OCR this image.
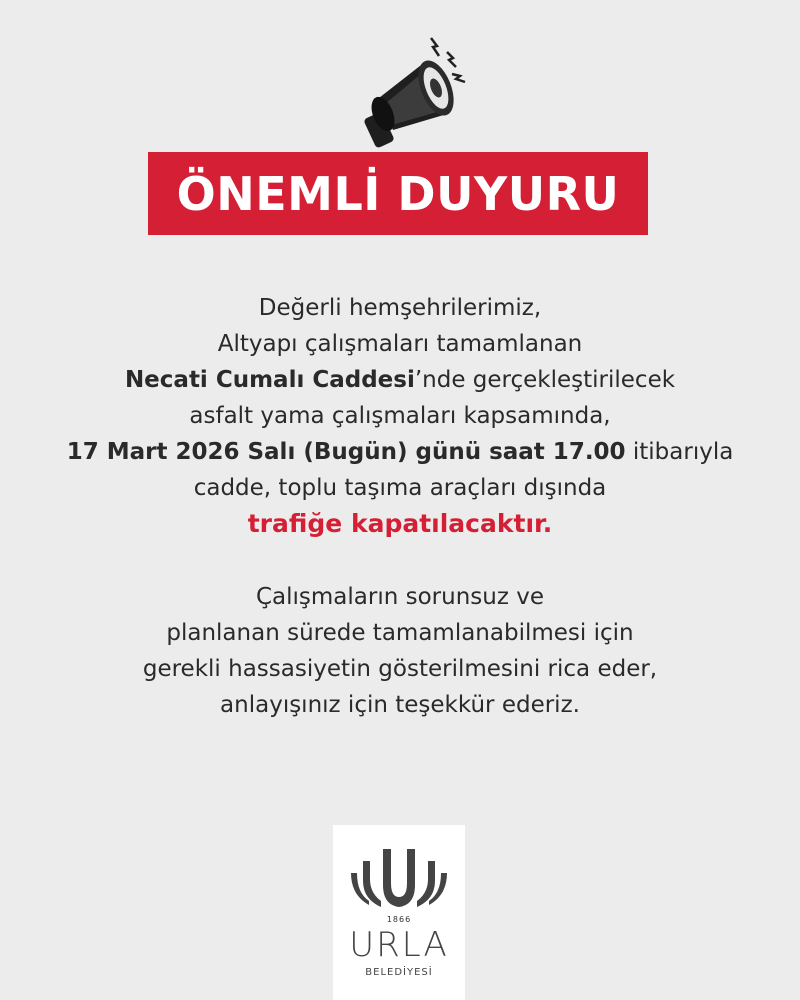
ÖNEMLİ DUYURU

Değerli hemşehrilerimiz,

Altyapı çalışmaları tamamlanan

Necati Cumalı Caddesi’nde gerçekleştirilecek

asfalt yama çalışmaları kapsamında,

17 Mart 2026 Salı (Bugün) günü saat 17.00 itibarıyla

cadde, toplu taşıma araçları dışında

trafiğe kapatılacaktır.

Çalışmaların sorunsuz ve

planlanan sürede tamamlanabilmesi için

gerekli hassasiyetin gösterilmesini rica eder,

anlayışınız için teşekkür ederiz.

1866
URLA
BELEDİYESİ
